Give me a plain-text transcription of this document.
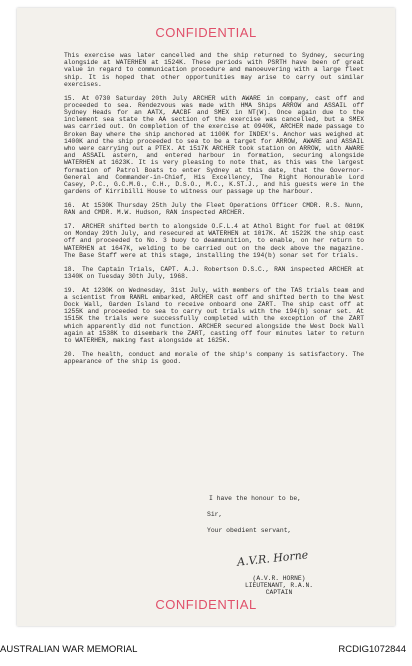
CONFIDENTIAL

This exercise was later cancelled and the ship returned to Sydney, securing alongside at WATERHEN at 1524K. These periods with PSRTH have been of great value in regard to communication procedure and manoeuvering with a large fleet ship. It is hoped that other opportunities may arise to carry out similar exercises.

15. At 0730 Saturday 20th July ARCHER with AWARE in company, cast off and proceeded to sea. Rendezvous was made with HMA Ships ARROW and ASSAIL off Sydney Heads for an AATX, AACBF and SMEX in NT(W). Once again due to the inclement sea state the AA section of the exercise was cancelled, but a SMEX was carried out. On completion of the exercise at 0940K, ARCHER made passage to Broken Bay where the ship anchored at 1100K for INDEX's. Anchor was weighed at 1400K and the ship proceeded to sea to be a target for ARROW, AWARE and ASSAIL who were carrying out a PTEX. At 1517K ARCHER took station on ARROW, with AWARE and ASSAIL astern, and entered harbour in formation, securing alongside WATERHEN at 1623K. It is very pleasing to note that, as this was the largest formation of Patrol Boats to enter Sydney at this date, that the Governor-General and Commander-in-Chief, His Excellency, The Right Honourable Lord Casey, P.C., G.C.M.G., C.H., D.S.O., M.C., K.ST.J., and his guests were in the gardens of Kirribilli House to witness our passage up the harbour.

16. At 1530K Thursday 25th July the Fleet Operations Officer CMDR. R.S. Nunn, RAN and CMDR. M.W. Hudson, RAN inspected ARCHER.

17. ARCHER shifted berth to alongside O.F.L.4 at Athol Bight for fuel at 0819K on Monday 29th July, and resecured at WATERHEN at 1017K. At 1522K the ship cast off and proceeded to No. 3 buoy to deammunition, to enable, on her return to WATERHEN at 1647K, welding to be carried out on the deck above the magazine. The Base Staff were at this stage, installing the 194(b) sonar set for trials.

18. The Captain Trials, CAPT. A.J. Robertson D.S.C., RAN inspected ARCHER at 1340K on Tuesday 30th July, 1968.

19. At 1230K on Wednesday, 31st July, with members of the TAS trials team and a scientist from RANRL embarked, ARCHER cast off and shifted berth to the West Dock Wall, Garden Island to receive onboard one ZART. The ship cast off at 1255K and proceeded to sea to carry out trials with the 194(b) sonar set. At 1515K the trials were successfully completed with the exception of the ZART which apparently did not function. ARCHER secured alongside the West Dock Wall again at 1538K to disembark the ZART, casting off four minutes later to return to WATERHEN, making fast alongside at 1625K.

20. The health, conduct and morale of the ship's company is satisfactory. The appearance of the ship is good.

I have the honour to be,
Sir,
Your obedient servant,
A.V.R. Horne
(A.V.R. HORNE)
LIEUTENANT, R.A.N.
CAPTAIN
CONFIDENTIAL
AUSTRALIAN WAR MEMORIAL	RCDIG1072844
